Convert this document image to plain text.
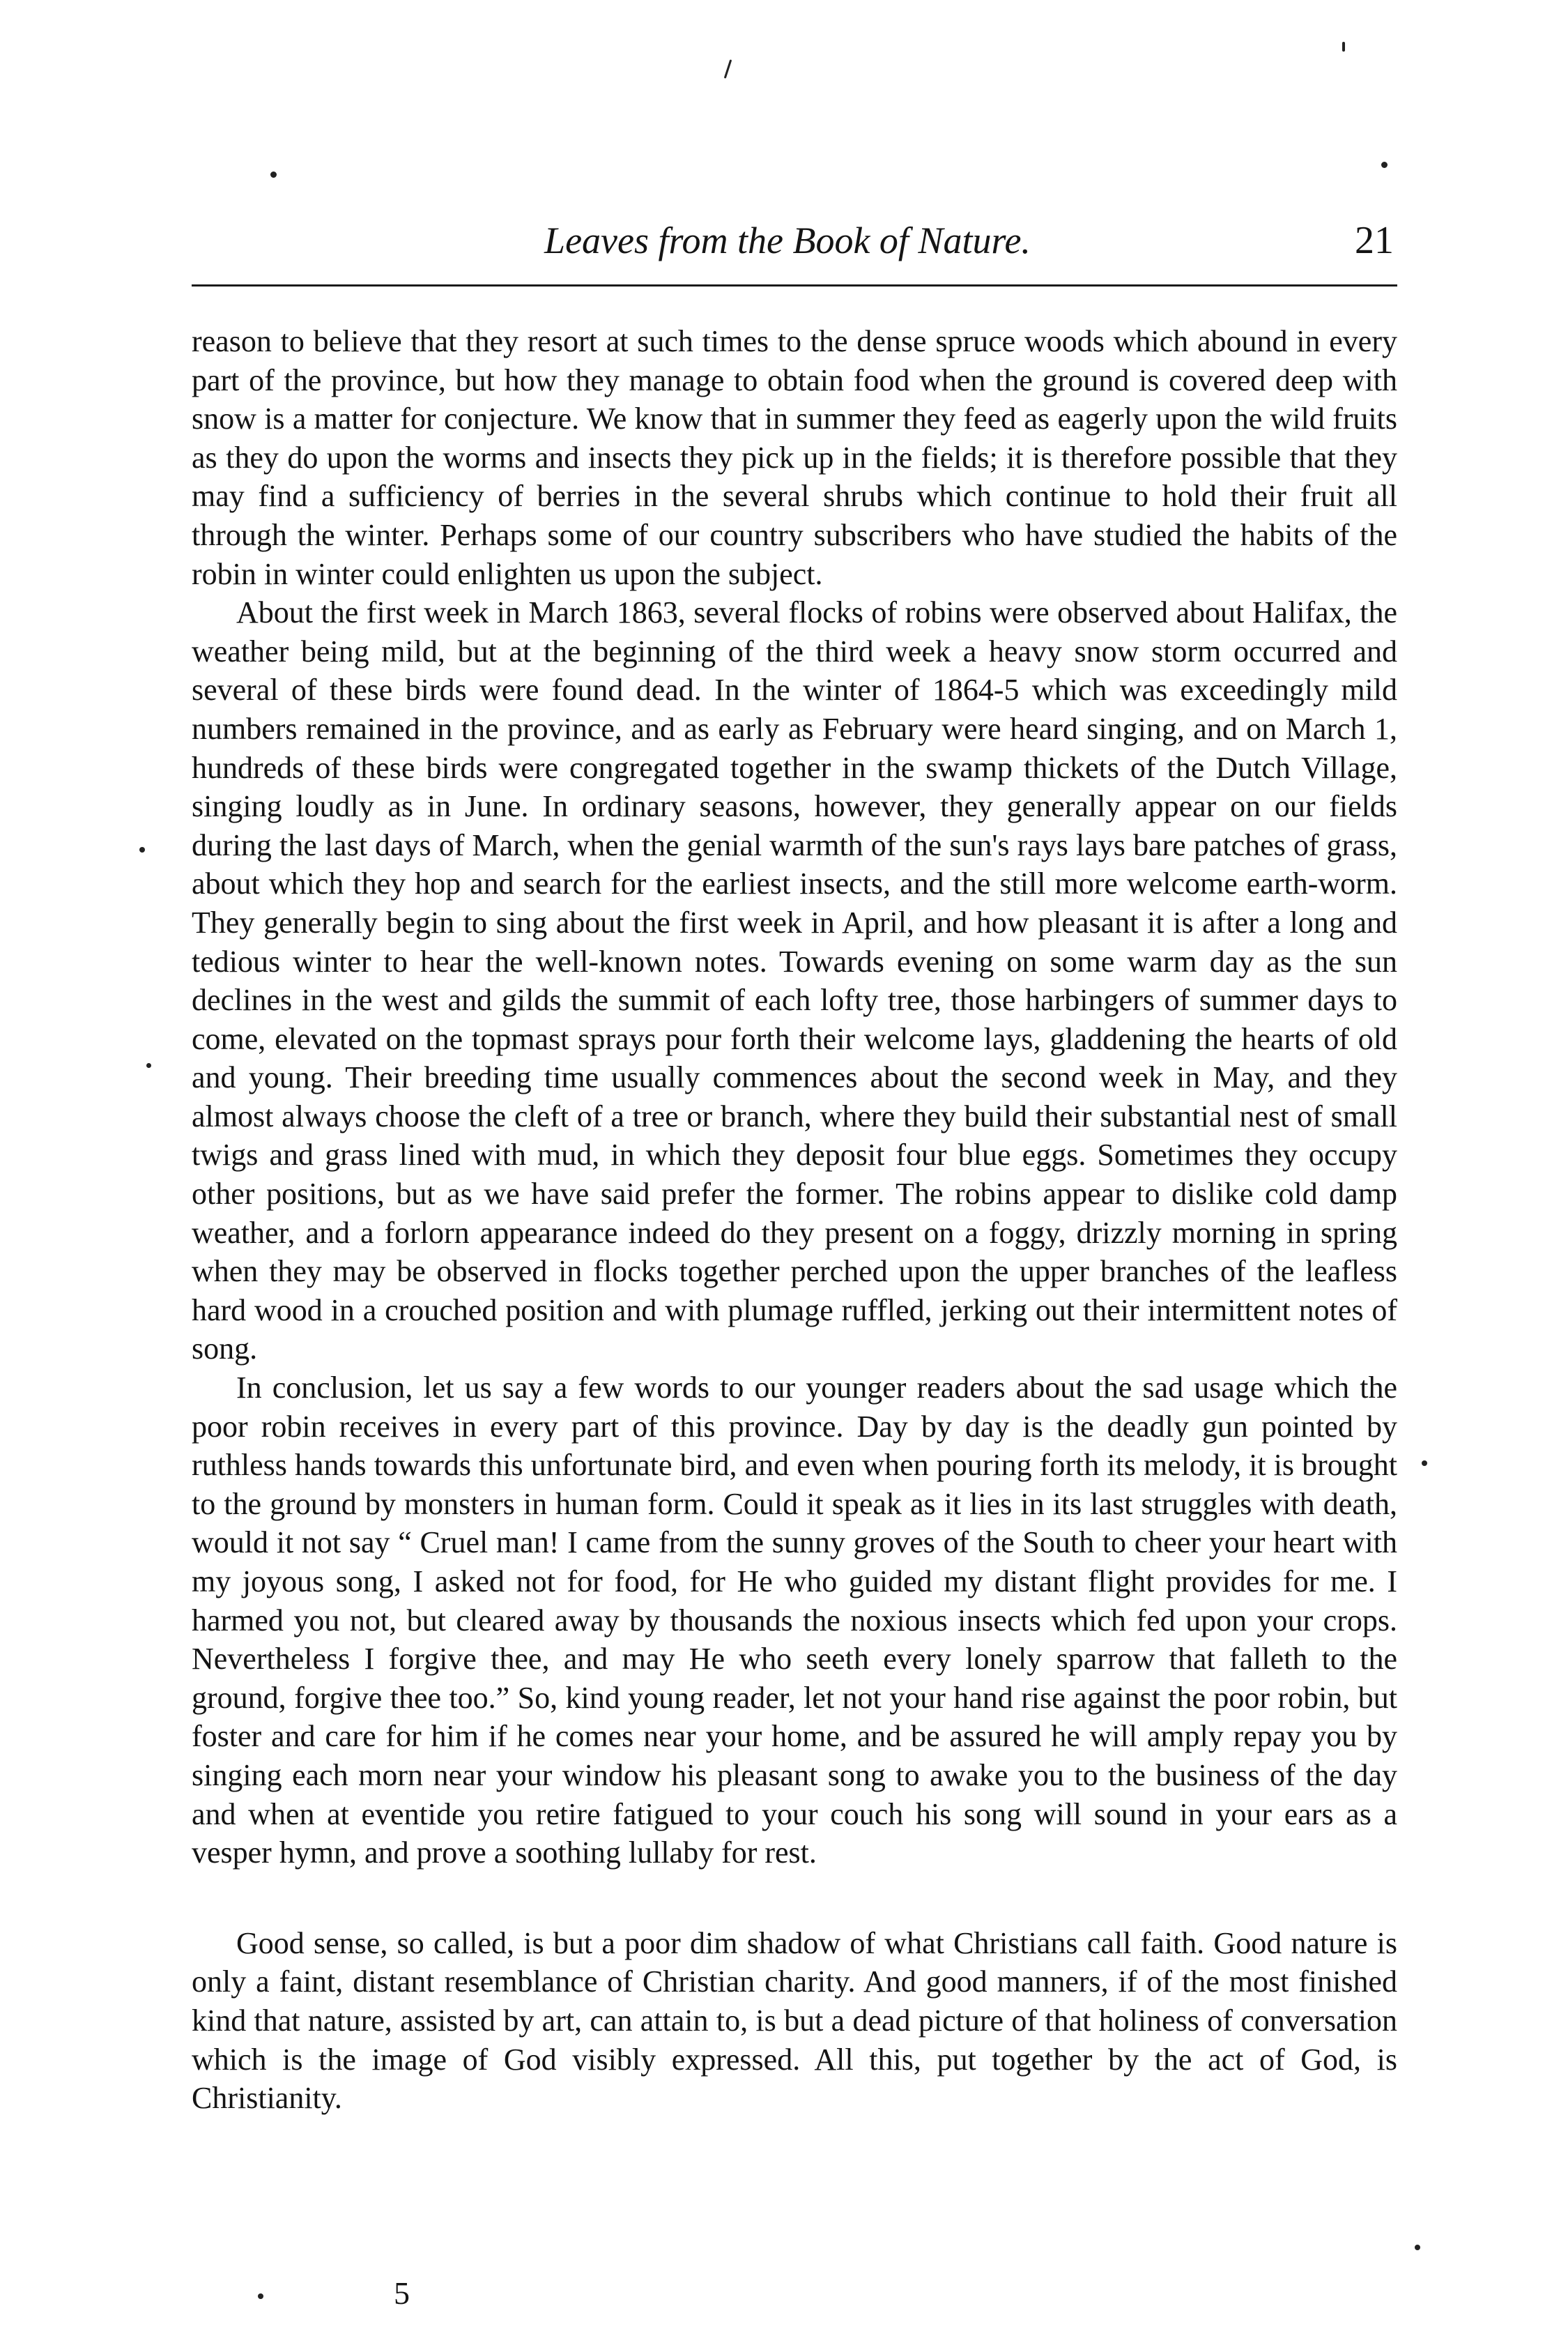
Leaves from the Book of Nature.	21

reason to believe that they resort at such times to the dense spruce woods which abound in every part of the province, but how they manage to obtain food when the ground is covered deep with snow is a matter for conjecture. We know that in summer they feed as eagerly upon the wild fruits as they do upon the worms and insects they pick up in the fields; it is therefore possible that they may find a sufficiency of berries in the several shrubs which continue to hold their fruit all through the winter. Perhaps some of our country subscribers who have studied the habits of the robin in winter could enlighten us upon the subject.

About the first week in March 1863, several flocks of robins were observed about Halifax, the weather being mild, but at the beginning of the third week a heavy snow storm occurred and several of these birds were found dead. In the winter of 1864-5 which was exceedingly mild numbers remained in the province, and as early as February were heard singing, and on March 1, hundreds of these birds were congregated together in the swamp thickets of the Dutch Village, singing loudly as in June. In ordinary seasons, however, they generally appear on our fields during the last days of March, when the genial warmth of the sun's rays lays bare patches of grass, about which they hop and search for the earliest insects, and the still more welcome earth-worm. They generally begin to sing about the first week in April, and how pleasant it is after a long and tedious winter to hear the well-known notes. Towards evening on some warm day as the sun declines in the west and gilds the summit of each lofty tree, those harbingers of summer days to come, elevated on the topmast sprays pour forth their welcome lays, gladdening the hearts of old and young. Their breeding time usually commences about the second week in May, and they almost always choose the cleft of a tree or branch, where they build their substantial nest of small twigs and grass lined with mud, in which they deposit four blue eggs. Sometimes they occupy other positions, but as we have said prefer the former. The robins appear to dislike cold damp weather, and a forlorn appearance indeed do they present on a foggy, drizzly morning in spring when they may be observed in flocks together perched upon the upper branches of the leafless hard wood in a crouched position and with plumage ruffled, jerking out their intermittent notes of song.

In conclusion, let us say a few words to our younger readers about the sad usage which the poor robin receives in every part of this province. Day by day is the deadly gun pointed by ruthless hands towards this unfortunate bird, and even when pouring forth its melody, it is brought to the ground by monsters in human form. Could it speak as it lies in its last struggles with death, would it not say “ Cruel man! I came from the sunny groves of the South to cheer your heart with my joyous song, I asked not for food, for He who guided my distant flight provides for me. I harmed you not, but cleared away by thousands the noxious insects which fed upon your crops. Nevertheless I forgive thee, and may He who seeth every lonely sparrow that falleth to the ground, forgive thee too.” So, kind young reader, let not your hand rise against the poor robin, but foster and care for him if he comes near your home, and be assured he will amply repay you by singing each morn near your window his pleasant song to awake you to the business of the day and when at eventide you retire fatigued to your couch his song will sound in your ears as a vesper hymn, and prove a soothing lullaby for rest.

Good sense, so called, is but a poor dim shadow of what Christians call faith. Good nature is only a faint, distant resemblance of Christian charity. And good manners, if of the most finished kind that nature, assisted by art, can attain to, is but a dead picture of that holiness of conversation which is the image of God visibly expressed. All this, put together by the act of God, is Christianity.

5
